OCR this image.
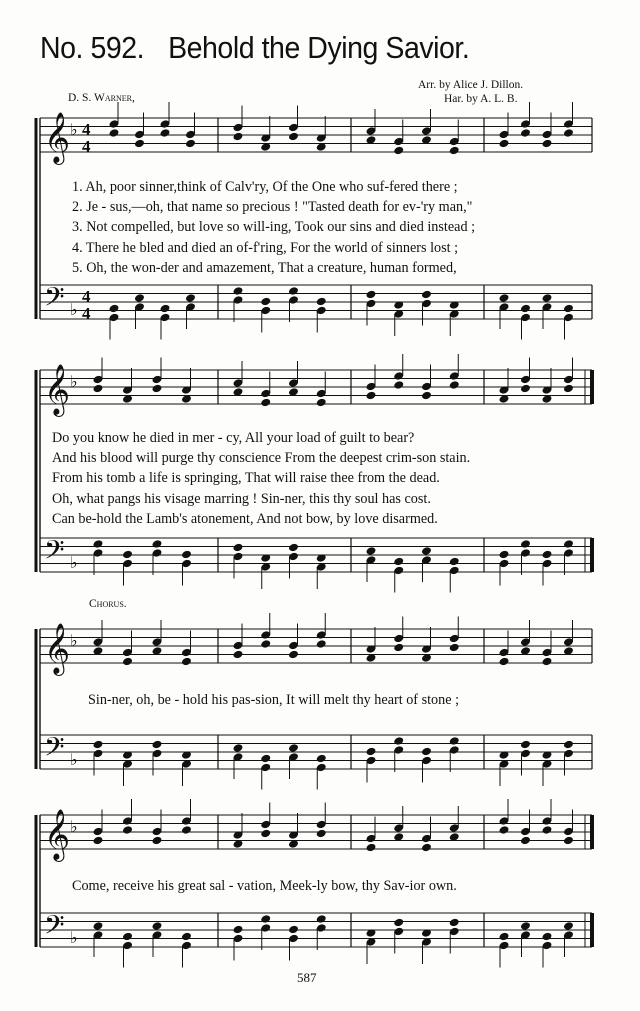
No. 592. Behold the Dying Savior.
D. S. Warner,
Arr. by Alice J. Dillon.
Har. by A. L. B.
𝄞 ♭ 4
4
𝄢 ♭
4
4
𝄞 ♭
𝄢 ♭
𝄞 ♭
𝄢 ♭
𝄞 ♭
𝄢 ♭
1. Ah, poor sinner,think of Calv'ry, Of the One who suf-fered there ;
2. Je - sus,—oh, that name so precious ! "Tasted death for ev-'ry man,"
3. Not compelled, but love so will-ing, Took our sins and died instead ;
4. There he bled and died an of-f'ring, For the world of sinners lost ;
5. Oh, the won-der and amazement, That a creature, human formed,
Do you know he died in mer - cy, All your load of guilt to bear?
And his blood will purge thy conscience From the deepest crim-son stain.
From his tomb a life is springing, That will raise thee from the dead.
Oh, what pangs his visage marring ! Sin-ner, this thy soul has cost.
Can be-hold the Lamb's atonement, And not bow, by love disarmed.
Chorus.
Sin-ner, oh, be - hold his pas-sion, It will melt thy heart of stone ;
Come, receive his great sal - vation, Meek-ly bow, thy Sav-ior own.
587
